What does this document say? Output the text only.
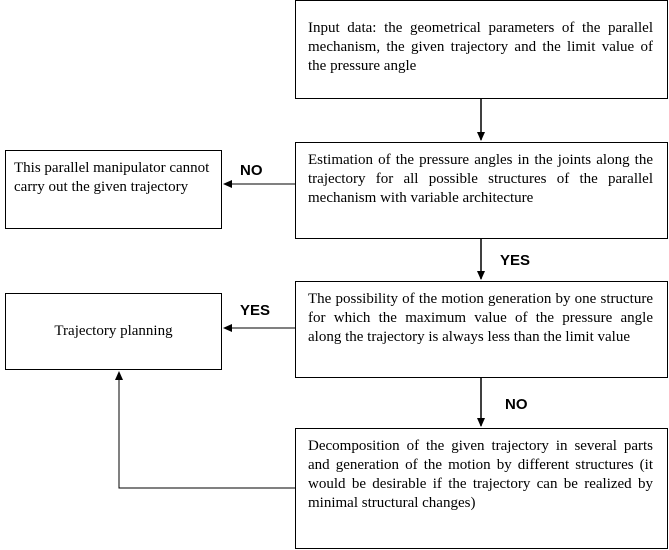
Input data: the geometrical parameters of the parallel mechanism, the given trajectory and the limit value of the pressure angle
Estimation of the pressure angles in the joints along the trajectory for all possible structures of the parallel mechanism with variable architecture
The possibility of the motion generation by one structure for which the maximum value of the pressure angle along the trajectory is always less than the limit value
Decomposition of the given trajectory in several parts and generation of the motion by different structures (it would be desirable if the trajectory can be realized by minimal structural changes)
This parallel manipulator cannot carry out the given trajectory
Trajectory planning
NO
YES
YES
NO
